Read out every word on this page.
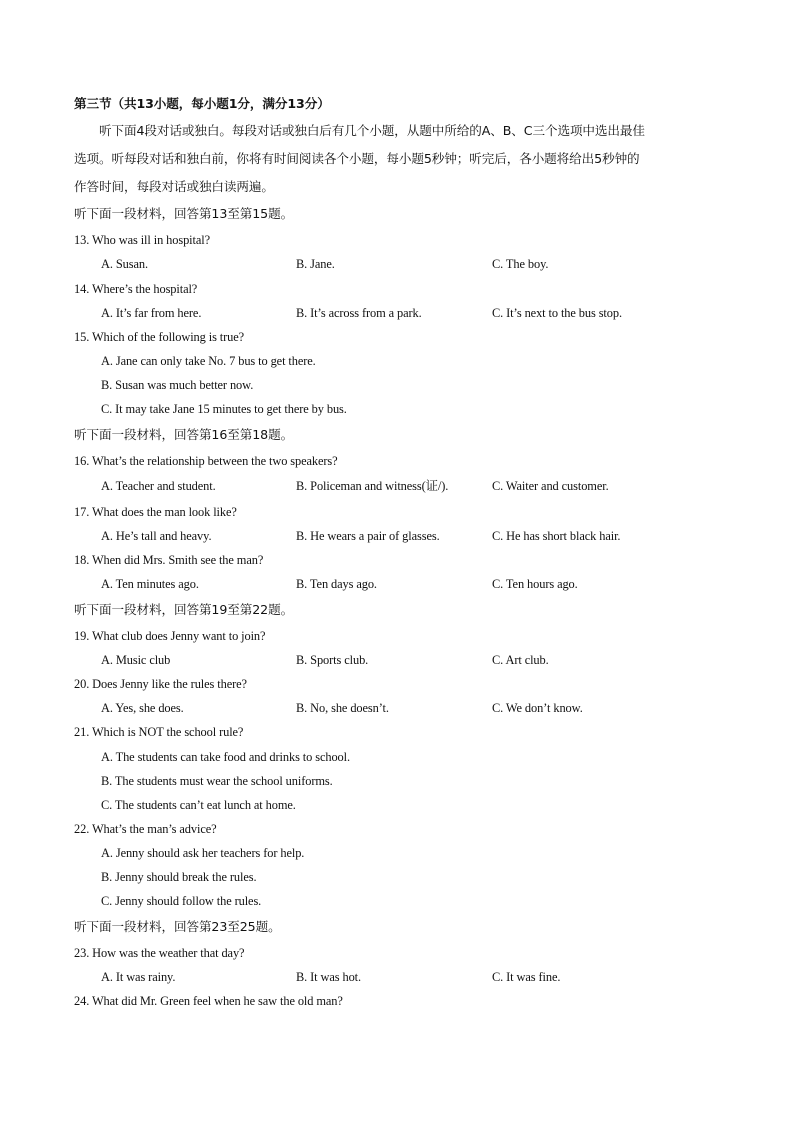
第三节（共13小题，每小题1分，满分13分）
听下面4段对话或独白。每段对话或独白后有几个小题，从题中所给的A、B、C三个选项中选出最佳
选项。听每段对话和独白前，你将有时间阅读各个小题，每小题5秒钟；听完后，各小题将给出5秒钟的
作答时间，每段对话或独白读两遍。
听下面一段材料，回答第13至第15题。
13. Who was ill in hospital?
A. Susan.	B. Jane.	C. The boy.
14. Where’s the hospital?
A. It’s far from here.	B. It’s across from a park.	C. It’s next to the bus stop.
15. Which of the following is true?
A. Jane can only take No. 7 bus to get there.
B. Susan was much better now.
C. It may take Jane 15 minutes to get there by bus.
听下面一段材料，回答第16至第18题。
16. What’s the relationship between the two speakers?
A. Teacher and student.	B. Policeman and witness(证/).	C. Waiter and customer.
17. What does the man look like?
A. He’s tall and heavy.	B. He wears a pair of glasses.	C. He has short black hair.
18. When did Mrs. Smith see the man?
A. Ten minutes ago.	B. Ten days ago.	C. Ten hours ago.
听下面一段材料，回答第19至第22题。
19. What club does Jenny want to join?
A. Music club	B. Sports club.	C. Art club.
20. Does Jenny like the rules there?
A. Yes, she does.	B. No, she doesn’t.	C. We don’t know.
21. Which is NOT the school rule?
A. The students can take food and drinks to school.
B. The students must wear the school uniforms.
C. The students can’t eat lunch at home.
22. What’s the man’s advice?
A. Jenny should ask her teachers for help.
B. Jenny should break the rules.
C. Jenny should follow the rules.
听下面一段材料，回答第23至25题。
23. How was the weather that day?
A. It was rainy.	B. It was hot.	C. It was fine.
24. What did Mr. Green feel when he saw the old man?
